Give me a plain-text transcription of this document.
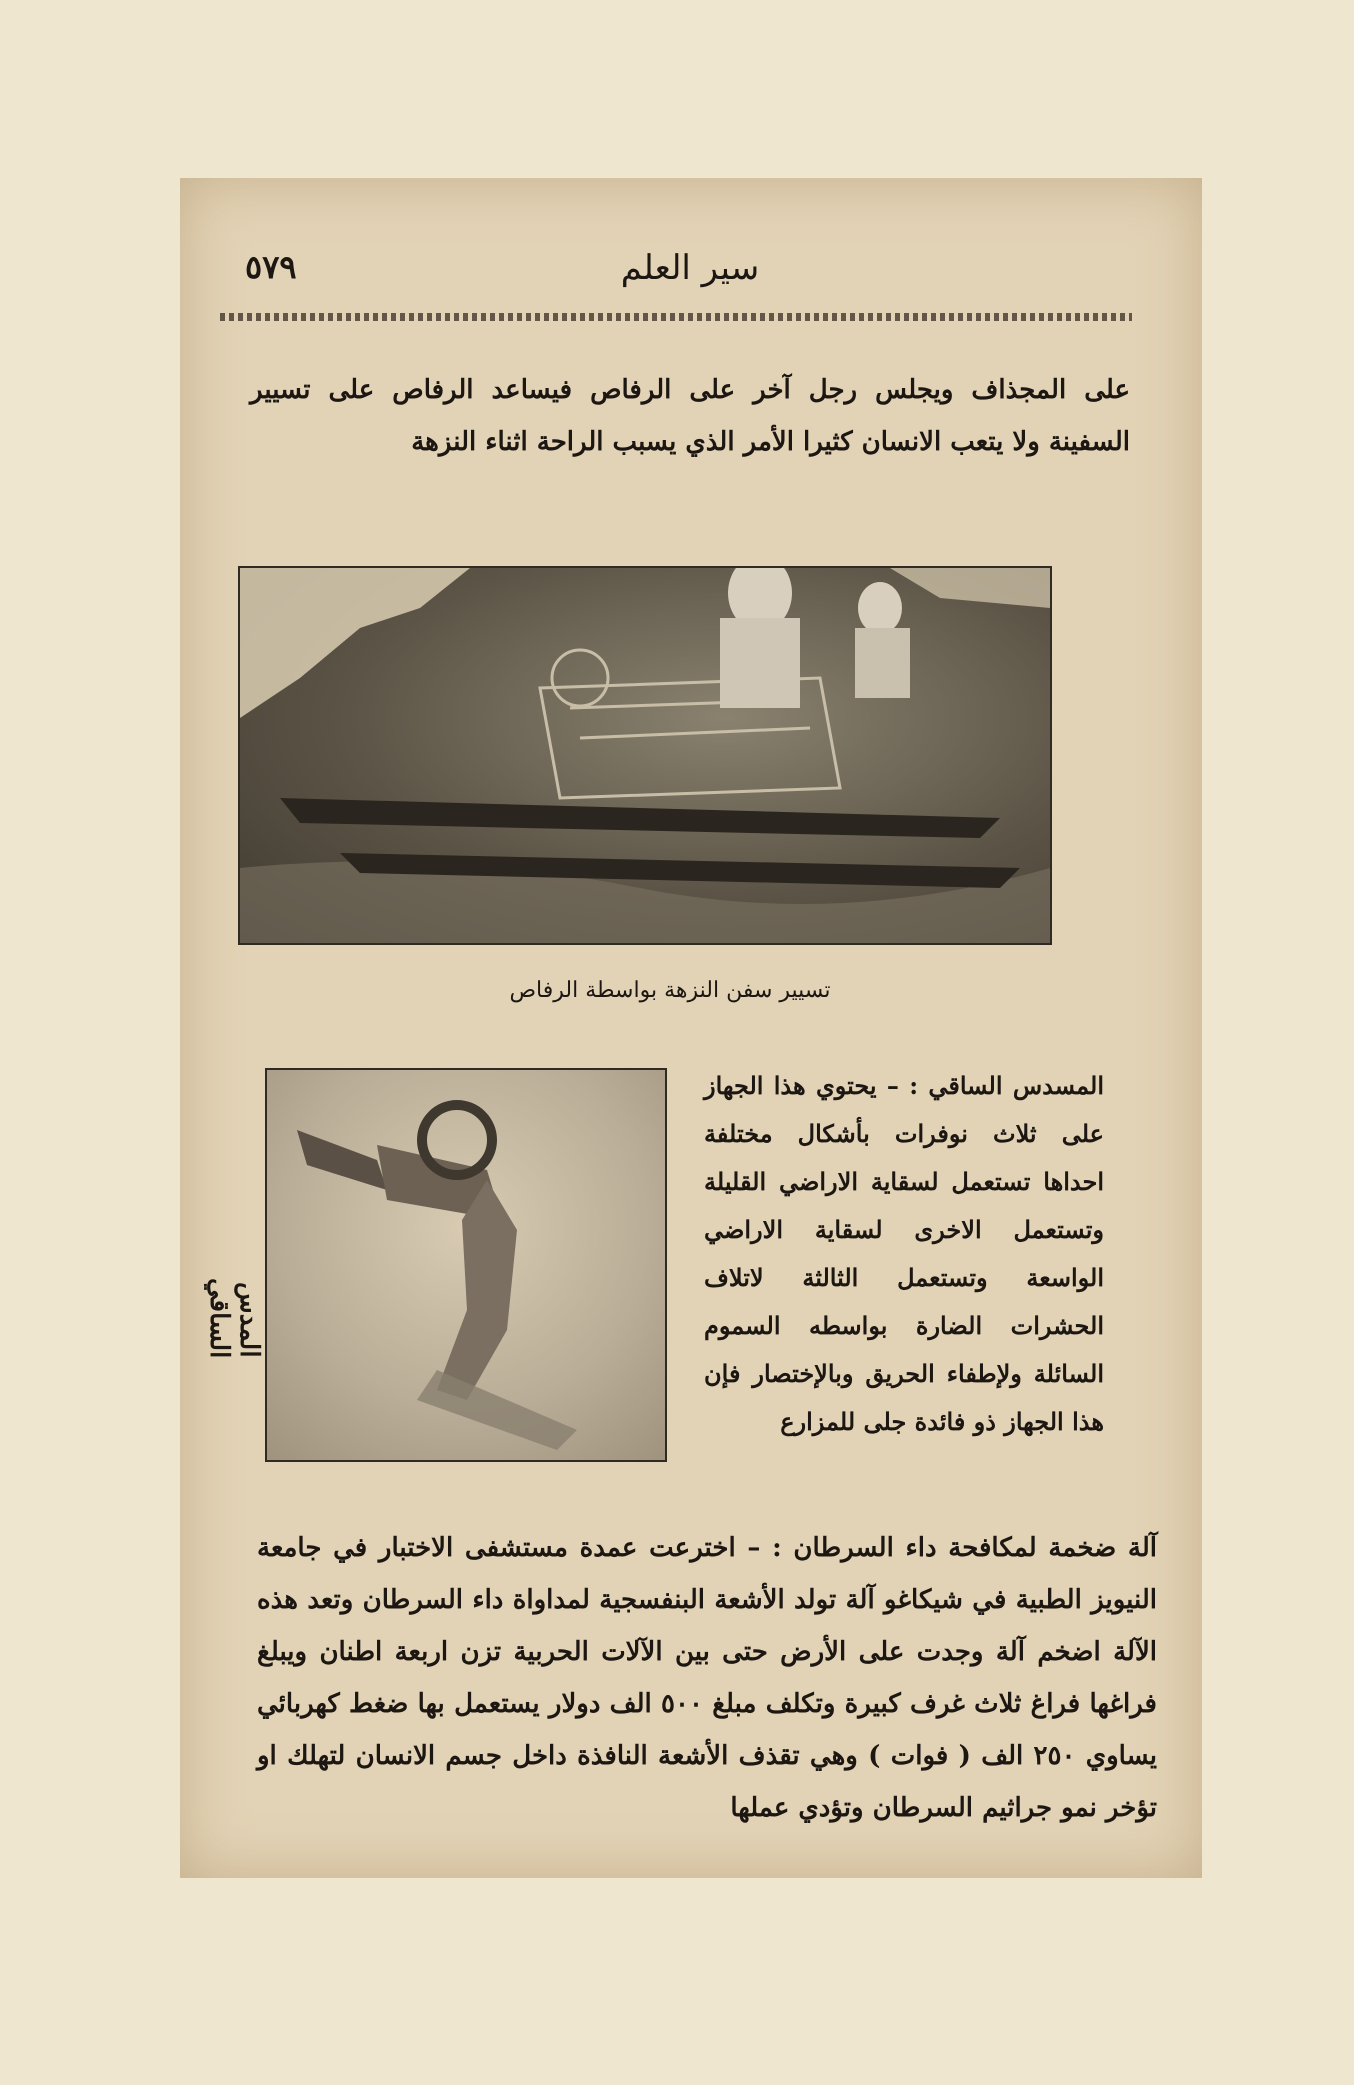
٥٧٩	سير العلم

على المجذاف ويجلس رجل آخر على الرفاص فيساعد الرفاص على تسيير السفينة ولا يتعب الانسان كثيرا الأمر الذي يسبب الراحة اثناء النزهة

تسيير سفن النزهة بواسطة الرفاص
المدس الساقي

المسدس الساقي : – يحتوي هذا الجهاز على ثلاث نوفرات بأشكال مختلفة احداها تستعمل لسقاية الاراضي القليلة وتستعمل الاخرى لسقاية الاراضي الواسعة وتستعمل الثالثة لاتلاف الحشرات الضارة بواسطه السموم السائلة ولإطفاء الحريق وبالإختصار فإن هذا الجهاز ذو فائدة جلى للمزارع

آلة ضخمة لمكافحة داء السرطان : – اخترعت عمدة مستشفى الاختبار في جامعة النيويز الطبية في شيكاغو آلة تولد الأشعة البنفسجية لمداواة داء السرطان وتعد هذه الآلة اضخم آلة وجدت على الأرض حتى بين الآلات الحربية تزن اربعة اطنان ويبلغ فراغها فراغ ثلاث غرف كبيرة وتكلف مبلغ ٥٠٠ الف دولار يستعمل بها ضغط كهربائي يساوي ٢٥٠ الف ( فوات ) وهي تقذف الأشعة النافذة داخل جسم الانسان لتهلك او تؤخر نمو جراثيم السرطان وتؤدي عملها
